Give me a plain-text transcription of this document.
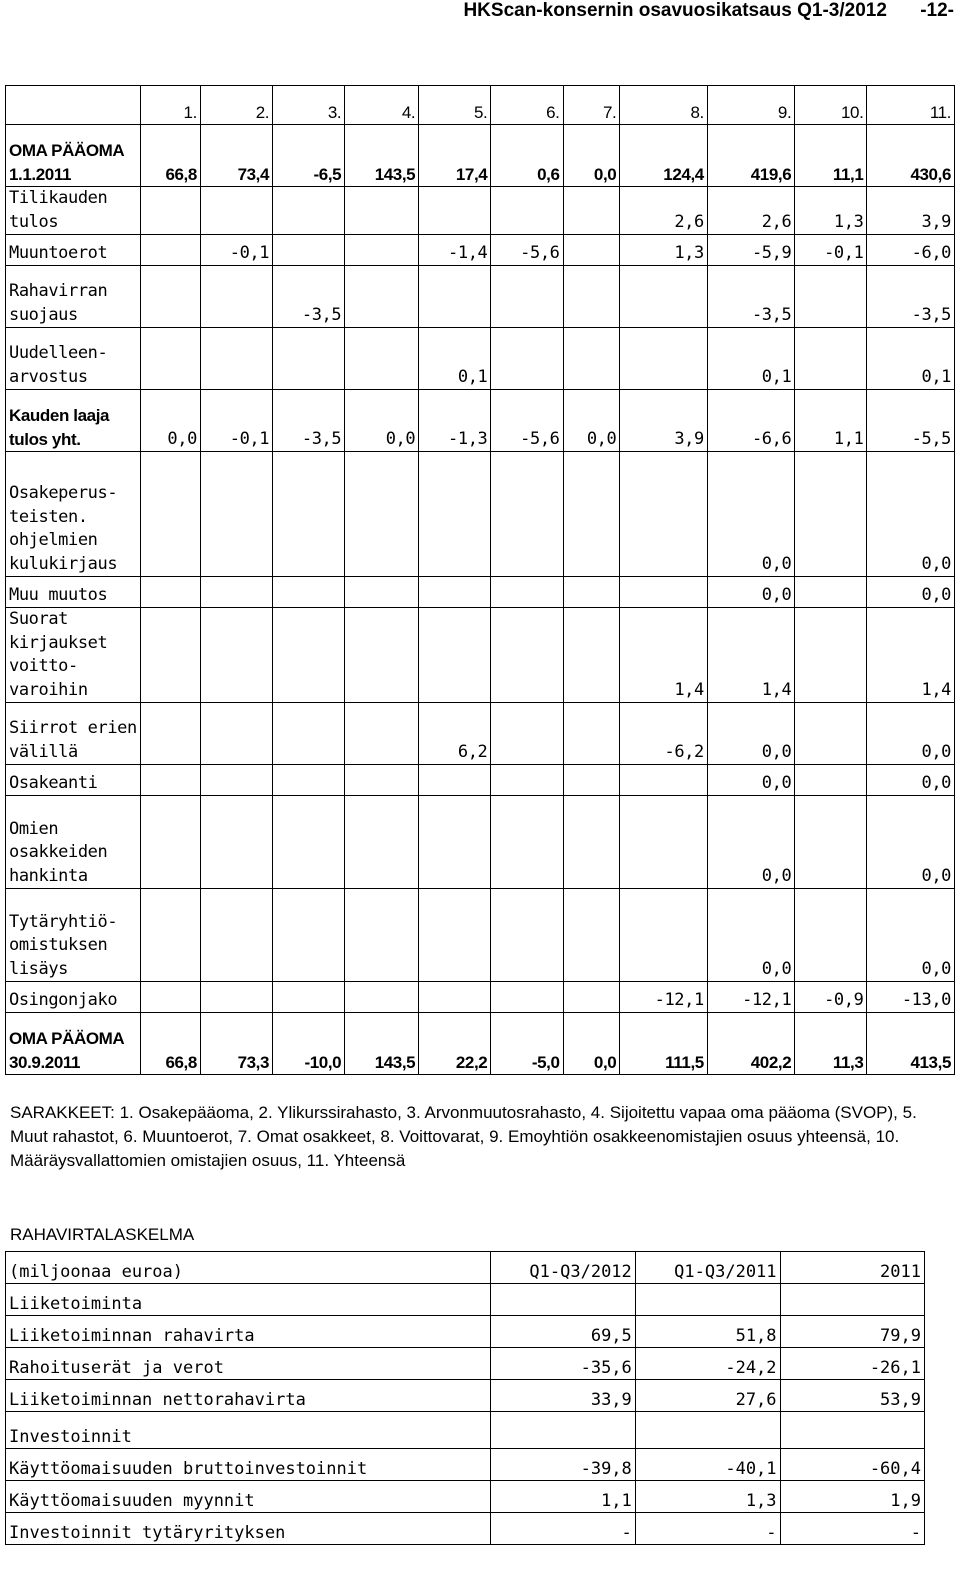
HKScan-konsernin osavuosikatsaus Q1-3/2012 -12-
	1.	2.	3.	4.	5.	6.	7.	8.	9.	10.	11.
OMA PÄÄOMA 1.1.2011	66,8	73,4	-6,5	143,5	17,4	0,6	0,0	124,4	419,6	11,1	430,6
Tilikauden tulos								2,6	2,6	1,3	3,9
Muuntoerot		-0,1			-1,4	-5,6		1,3	-5,9	-0,1	-6,0
Rahavirran suojaus			-3,5						-3,5		-3,5
Uudelleen-arvostus					0,1				0,1		0,1
Kauden laaja tulos yht.	0,0	-0,1	-3,5	0,0	-1,3	-5,6	0,0	3,9	-6,6	1,1	-5,5
Osakeperus-teisten. ohjelmien kulukirjaus									0,0		0,0
Muu muutos									0,0		0,0
Suorat kirjaukset voitto-varoihin								1,4	1,4		1,4
Siirrot erien välillä					6,2			-6,2	0,0		0,0
Osakeanti									0,0		0,0
Omien osakkeiden hankinta									0,0		0,0
Tytäryhtiö-omistuksen lisäys									0,0		0,0
Osingonjako								-12,1	-12,1	-0,9	-13,0
OMA PÄÄOMA 30.9.2011	66,8	73,3	-10,0	143,5	22,2	-5,0	0,0	111,5	402,2	11,3	413,5
SARAKKEET: 1. Osakepääoma, 2. Ylikurssirahasto, 3. Arvonmuutosrahasto, 4. Sijoitettu vapaa oma pääoma (SVOP), 5. Muut rahastot, 6. Muuntoerot, 7. Omat osakkeet, 8. Voittovarat, 9. Emoyhtiön osakkeenomistajien osuus yhteensä, 10. Määräysvallattomien omistajien osuus, 11. Yhteensä
RAHAVIRTALASKELMA
(miljoonaa euroa)	Q1-Q3/2012	Q1-Q3/2011	2011
Liiketoiminta			
Liiketoiminnan rahavirta	69,5	51,8	79,9
Rahoituserät ja verot	-35,6	-24,2	-26,1
Liiketoiminnan nettorahavirta	33,9	27,6	53,9
Investoinnit			
Käyttöomaisuuden bruttoinvestoinnit	-39,8	-40,1	-60,4
Käyttöomaisuuden myynnit	1,1	1,3	1,9
Investoinnit tytäryrityksen	-	-	-
